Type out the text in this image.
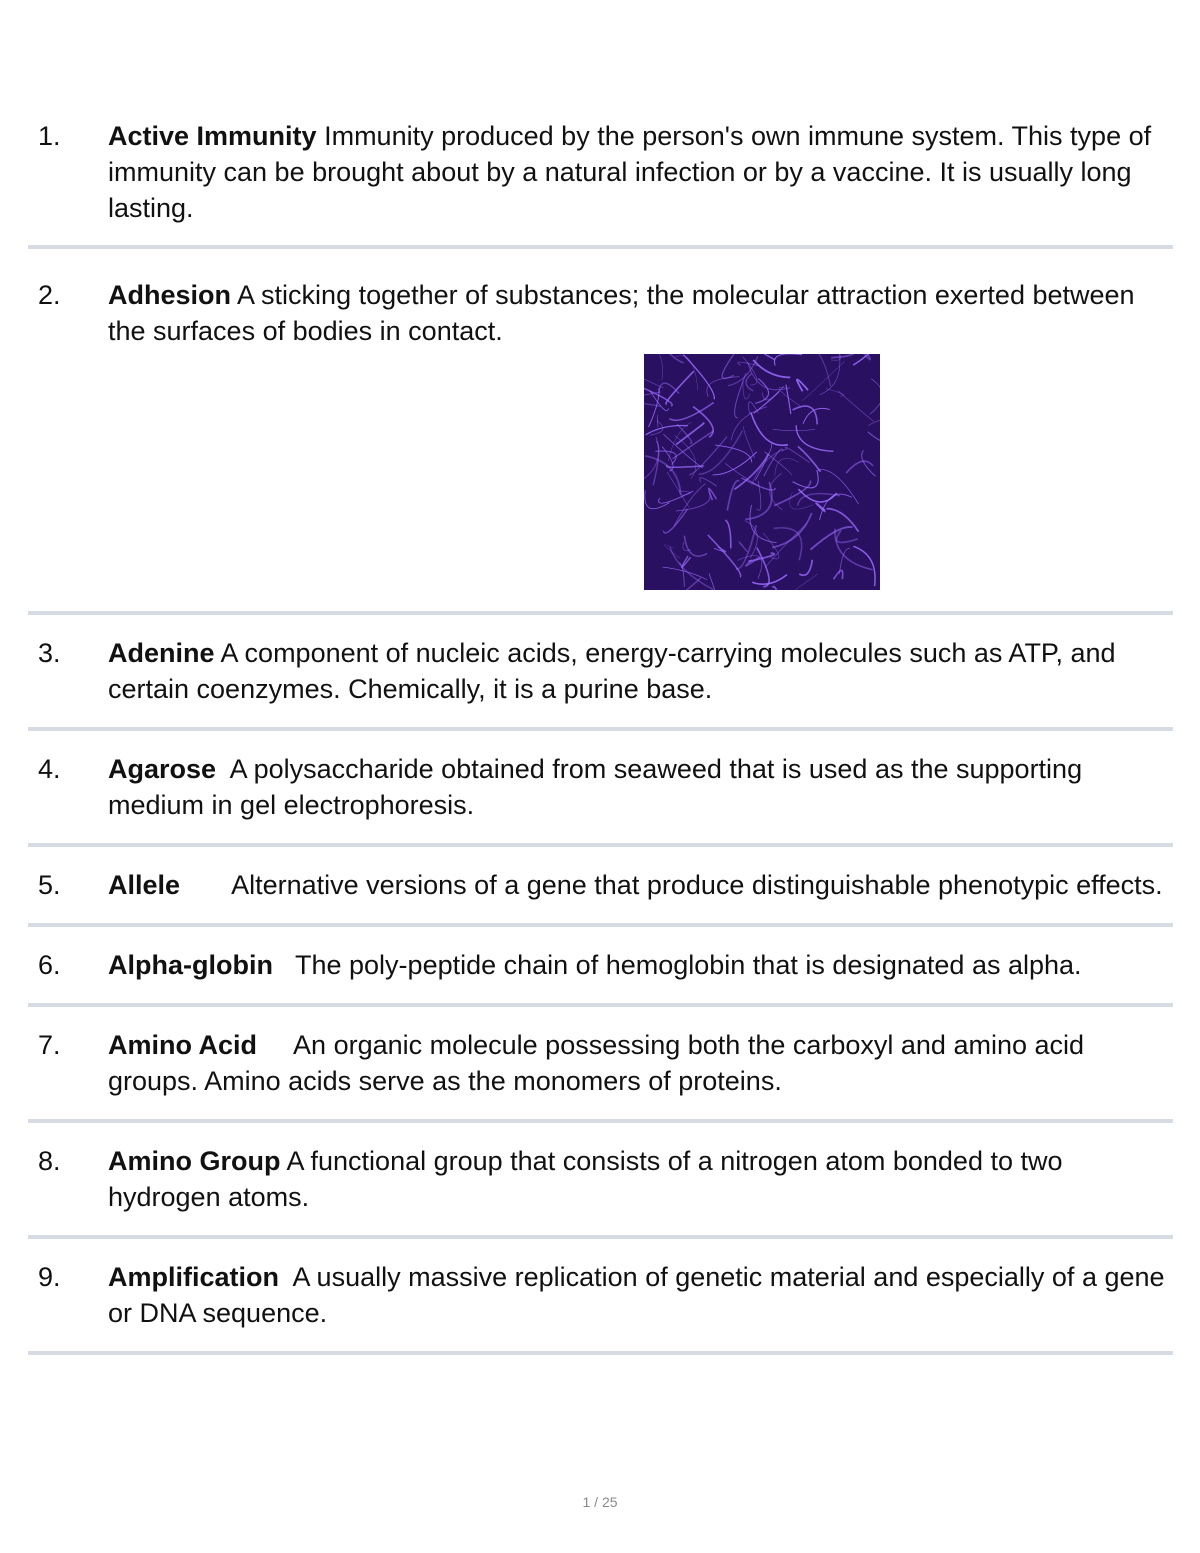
1. Active Immunity Immunity produced by the person's own immune system. This type of immunity can be brought about by a natural infection or by a vaccine. It is usually long lasting.
2. Adhesion A sticking together of substances; the molecular attraction exerted between the surfaces of bodies in contact.
3. Adenine A component of nucleic acids, energy-carrying molecules such as ATP, and certain coenzymes. Chemically, it is a purine base.
4. Agarose A polysaccharide obtained from seaweed that is used as the supporting medium in gel electrophoresis.
5. Allele Alternative versions of a gene that produce distinguishable phenotypic effects.
6. Alpha-globin The poly-peptide chain of hemoglobin that is designated as alpha.
7. Amino Acid An organic molecule possessing both the carboxyl and amino acid groups. Amino acids serve as the monomers of proteins.
8. Amino Group A functional group that consists of a nitrogen atom bonded to two hydrogen atoms.
9. Amplification A usually massive replication of genetic material and especially of a gene or DNA sequence.
1 / 25
